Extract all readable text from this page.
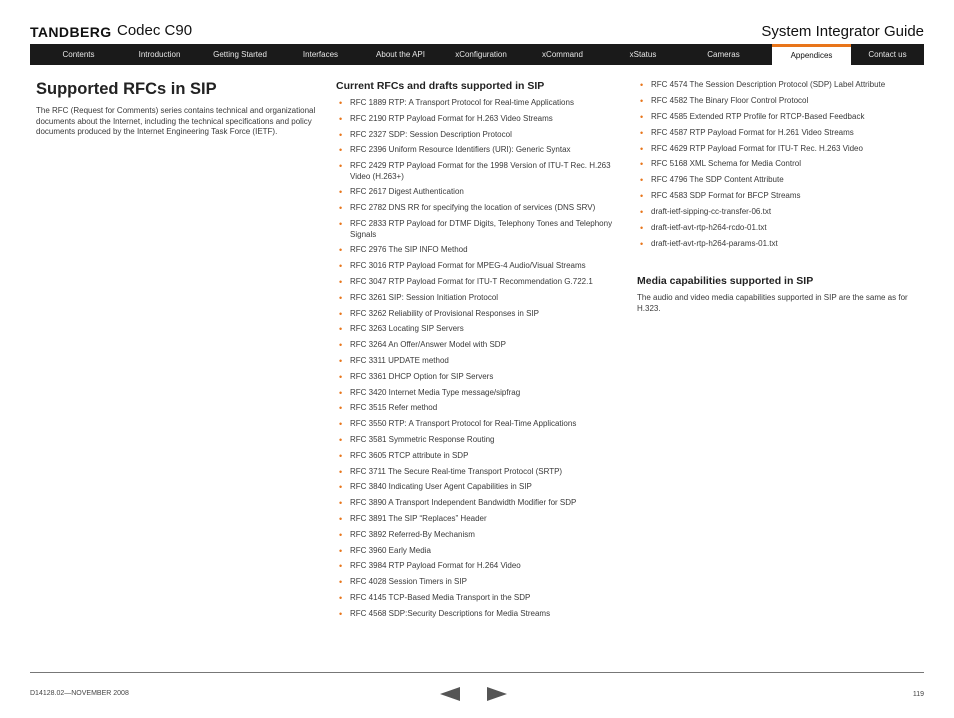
TANDBERG Codec C90	System Integrator Guide
Contents	Introduction	Getting Started	Interfaces	About the API	xConfiguration	xCommand	xStatus	Cameras	Appendices	Contact us
Supported RFCs in SIP

The RFC (Request for Comments) series contains technical and organizational documents about the Internet, including the technical specifications and policy documents produced by the Internet Engineering Task Force (IETF).

Current RFCs and drafts supported in SIP
• RFC 1889 RTP: A Transport Protocol for Real-time Applications
• RFC 2190 RTP Payload Format for H.263 Video Streams
• RFC 2327 SDP: Session Description Protocol
• RFC 2396 Uniform Resource Identifiers (URI): Generic Syntax
• RFC 2429 RTP Payload Format for the 1998 Version of ITU-T Rec. H.263 Video (H.263+)
• RFC 2617 Digest Authentication
• RFC 2782 DNS RR for specifying the location of services (DNS SRV)
• RFC 2833 RTP Payload for DTMF Digits, Telephony Tones and Telephony Signals
• RFC 2976 The SIP INFO Method
• RFC 3016 RTP Payload Format for MPEG-4 Audio/Visual Streams
• RFC 3047 RTP Payload Format for ITU-T Recommendation G.722.1
• RFC 3261 SIP: Session Initiation Protocol
• RFC 3262 Reliability of Provisional Responses in SIP
• RFC 3263 Locating SIP Servers
• RFC 3264 An Offer/Answer Model with SDP
• RFC 3311 UPDATE method
• RFC 3361 DHCP Option for SIP Servers
• RFC 3420 Internet Media Type message/sipfrag
• RFC 3515 Refer method
• RFC 3550 RTP: A Transport Protocol for Real-Time Applications
• RFC 3581 Symmetric Response Routing
• RFC 3605 RTCP attribute in SDP
• RFC 3711 The Secure Real-time Transport Protocol (SRTP)
• RFC 3840 Indicating User Agent Capabilities in SIP
• RFC 3890 A Transport Independent Bandwidth Modifier for SDP
• RFC 3891 The SIP “Replaces” Header
• RFC 3892 Referred-By Mechanism
• RFC 3960 Early Media
• RFC 3984 RTP Payload Format for H.264 Video
• RFC 4028 Session Timers in SIP
• RFC 4145 TCP-Based Media Transport in the SDP
• RFC 4568 SDP:Security Descriptions for Media Streams
• RFC 4574 The Session Description Protocol (SDP) Label Attribute
• RFC 4582 The Binary Floor Control Protocol
• RFC 4585 Extended RTP Profile for RTCP-Based Feedback
• RFC 4587 RTP Payload Format for H.261 Video Streams
• RFC 4629 RTP Payload Format for ITU-T Rec. H.263 Video
• RFC 5168 XML Schema for Media Control
• RFC 4796 The SDP Content Attribute
• RFC 4583 SDP Format for BFCP Streams
• draft-ietf-sipping-cc-transfer-06.txt
• draft-ietf-avt-rtp-h264-rcdo-01.txt
• draft-ietf-avt-rtp-h264-params-01.txt
Media capabilities supported in SIP

The audio and video media capabilities supported in SIP are the same as for H.323.

D14128.02—NOVEMBER 2008	119
